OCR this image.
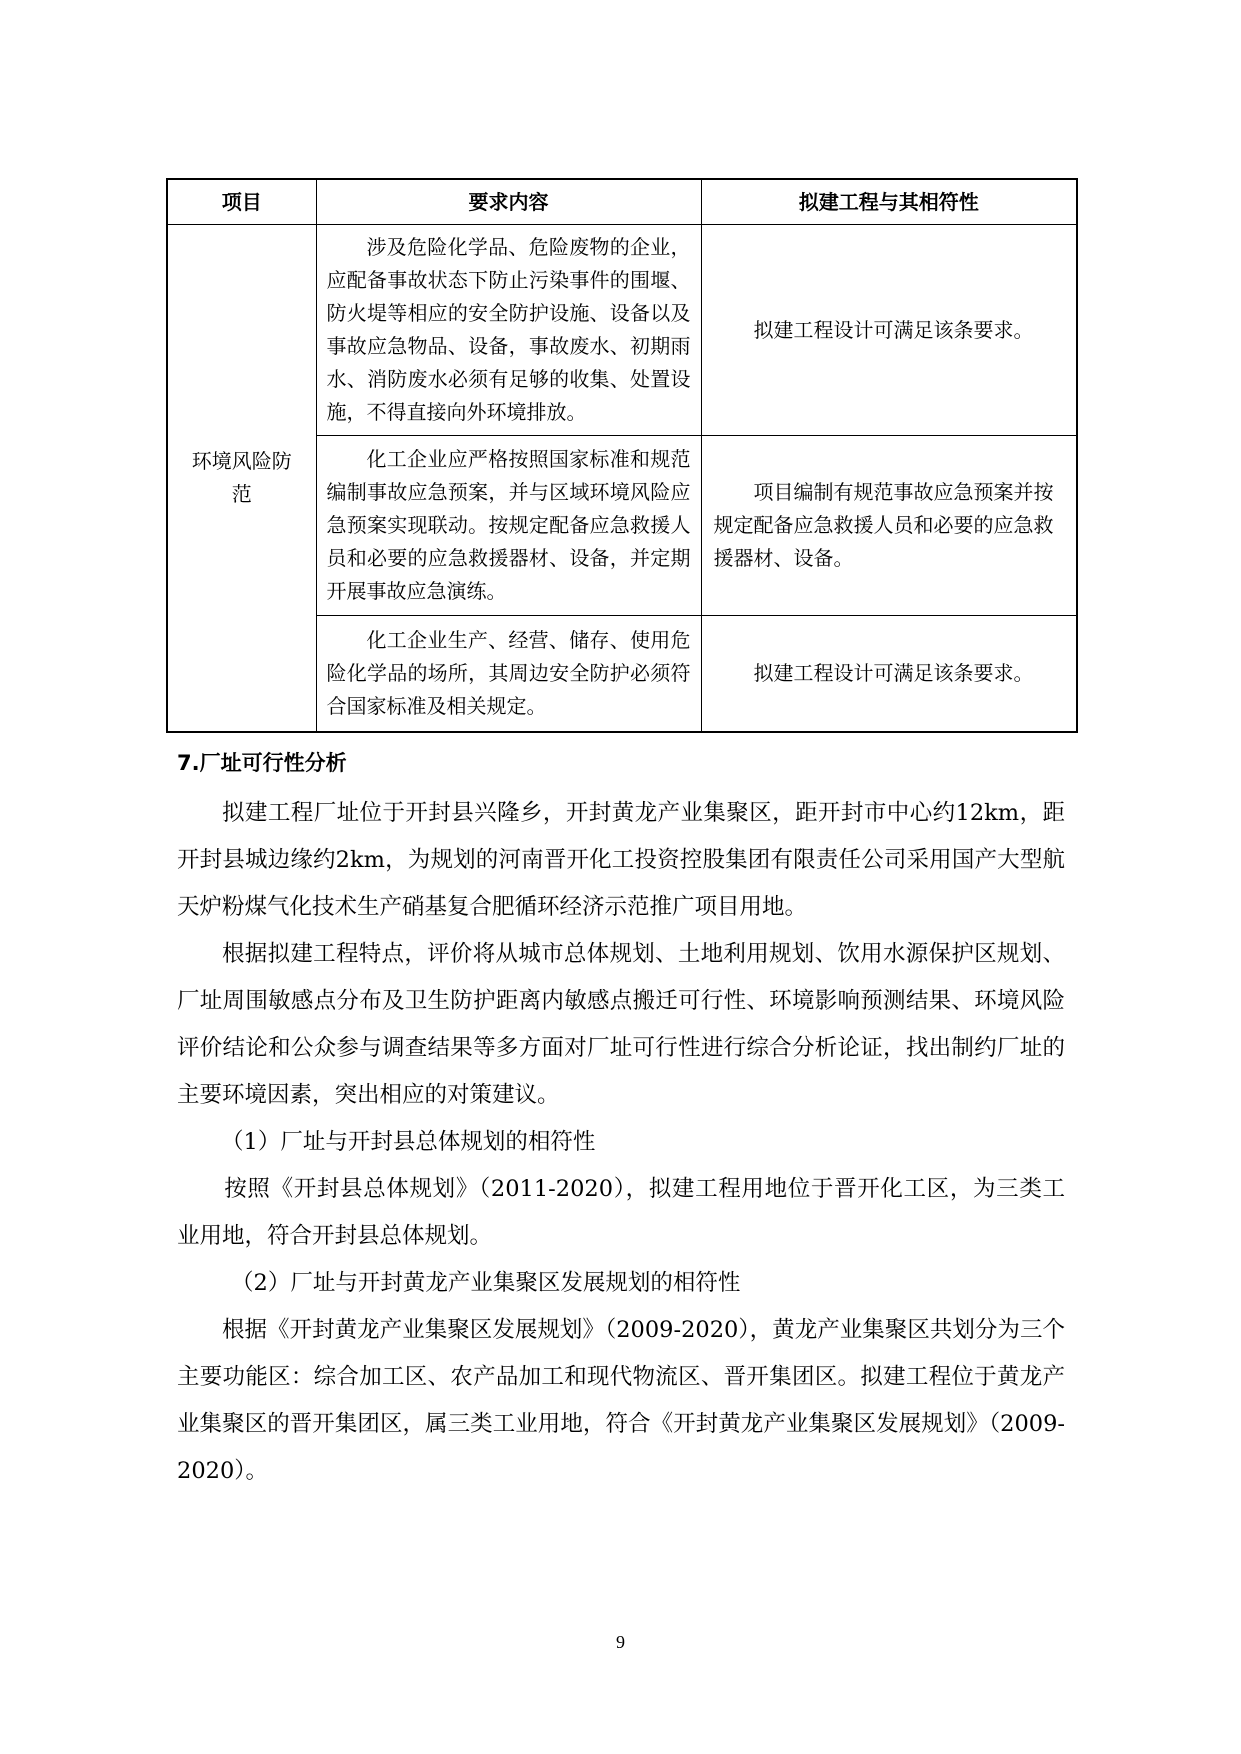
项目	要求内容	拟建工程与其相符性
环境风险防范	涉及危险化学品、危险废物的企业，应配备事故状态下防止污染事件的围堰、防火堤等相应的安全防护设施、设备以及事故应急物品、设备，事故废水、初期雨水、消防废水必须有足够的收集、处置设施，不得直接向外环境排放。	拟建工程设计可满足该条要求。
	化工企业应严格按照国家标准和规范编制事故应急预案，并与区域环境风险应急预案实现联动。按规定配备应急救援人员和必要的应急救援器材、设备，并定期开展事故应急演练。	项目编制有规范事故应急预案并按规定配备应急救援人员和必要的应急救援器材、设备。
	化工企业生产、经营、储存、使用危险化学品的场所，其周边安全防护必须符合国家标准及相关规定。	拟建工程设计可满足该条要求。
7.厂址可行性分析

拟建工程厂址位于开封县兴隆乡，开封黄龙产业集聚区，距开封市中心约12km，距开封县城边缘约2km，为规划的河南晋开化工投资控股集团有限责任公司采用国产大型航天炉粉煤气化技术生产硝基复合肥循环经济示范推广项目用地。

根据拟建工程特点，评价将从城市总体规划、土地利用规划、饮用水源保护区规划、厂址周围敏感点分布及卫生防护距离内敏感点搬迁可行性、环境影响预测结果、环境风险评价结论和公众参与调查结果等多方面对厂址可行性进行综合分析论证，找出制约厂址的主要环境因素，突出相应的对策建议。

（1）厂址与开封县总体规划的相符性

按照《开封县总体规划》（2011-2020），拟建工程用地位于晋开化工区，为三类工业用地，符合开封县总体规划。

（2）厂址与开封黄龙产业集聚区发展规划的相符性

根据《开封黄龙产业集聚区发展规划》（2009-2020），黄龙产业集聚区共划分为三个主要功能区：综合加工区、农产品加工和现代物流区、晋开集团区。拟建工程位于黄龙产业集聚区的晋开集团区，属三类工业用地，符合《开封黄龙产业集聚区发展规划》（2009-2020）。

9
